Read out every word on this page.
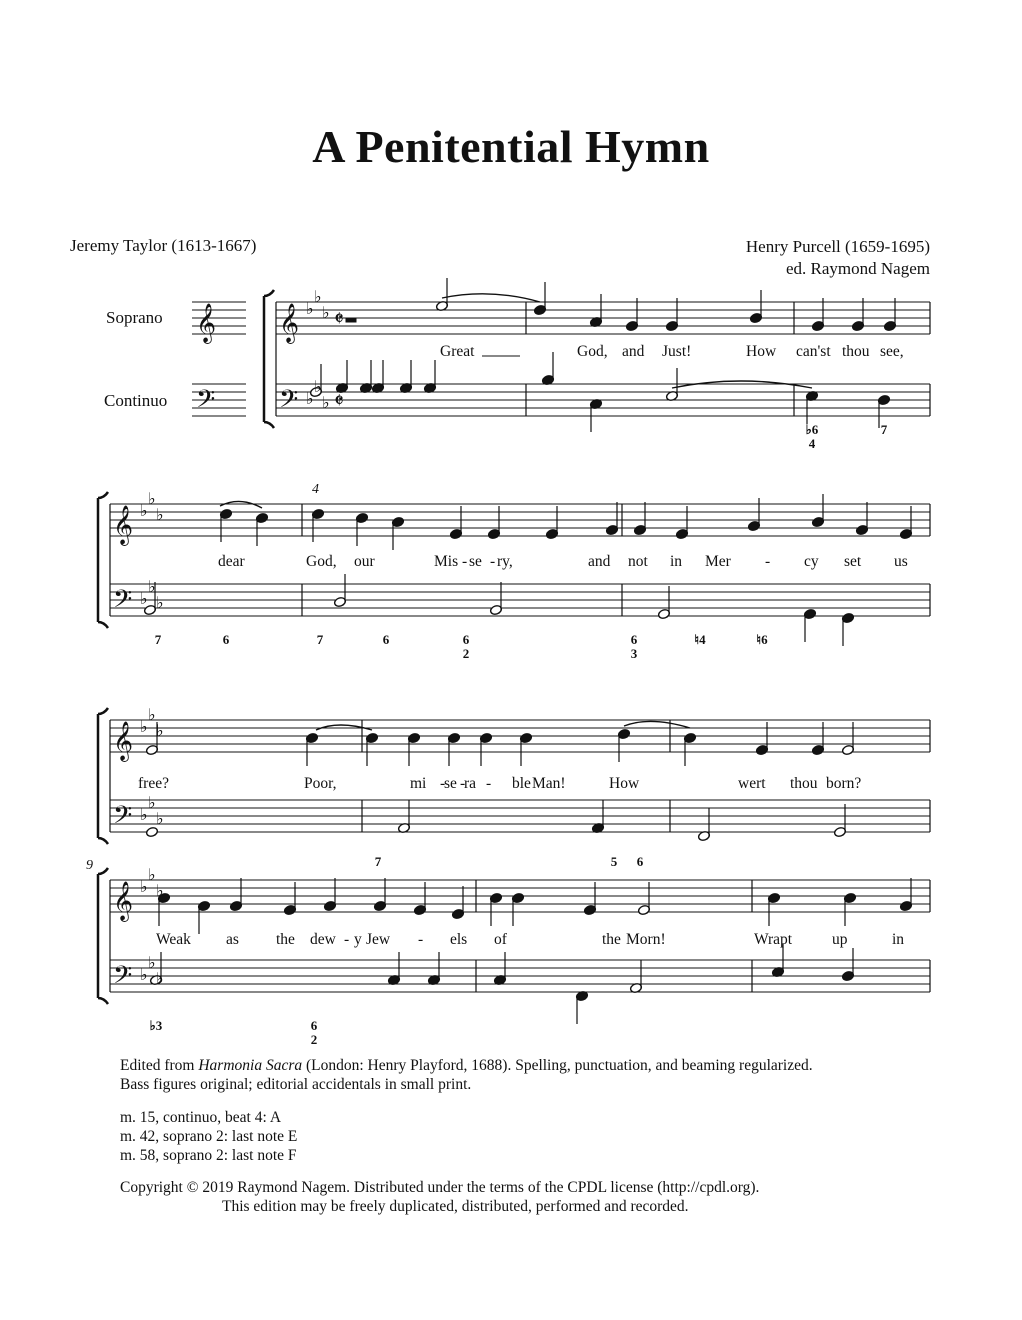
A Penitential Hymn
Jeremy Taylor (1613-1667)	Henry Purcell (1659-1695)
ed. Raymond Nagem
Soprano
Continuo
4
9
Great	God, and Just!	How can'st thou see,
dear	God, our	Mis - se - ry,	and not in Mer - cy set us
free?	Poor,	mi -
se -
ra - ble Man!	How	wert thou born?
Weak as the dew - y Jew - els of	the Morn!	Wrapt	up	in
♭6
4
7
7	6	7	6	6
2
6
3
♮4	♮6
7	5 6
♭3	6
2
𝄞
𝄢
𝄞
𝄢
♭
♭
♭
♭
♭
♭
𝄵
𝄵
𝄞
𝄢
♭
♭
♭
♭
♭
♭
𝄞
𝄢
♭
♭
♭
♭
♭
♭
𝄞
𝄢
♭
♭
♭
♭
♭
♭

Edited from Harmonia Sacra (London: Henry Playford, 1688). Spelling, punctuation, and beaming regularized.

Bass figures original; editorial accidentals in small print.

m. 15, continuo, beat 4: A

m. 42, soprano 2: last note E

m. 58, soprano 2: last note F

Copyright © 2019 Raymond Nagem. Distributed under the terms of the CPDL license (http://cpdl.org).

This edition may be freely duplicated, distributed, performed and recorded.
